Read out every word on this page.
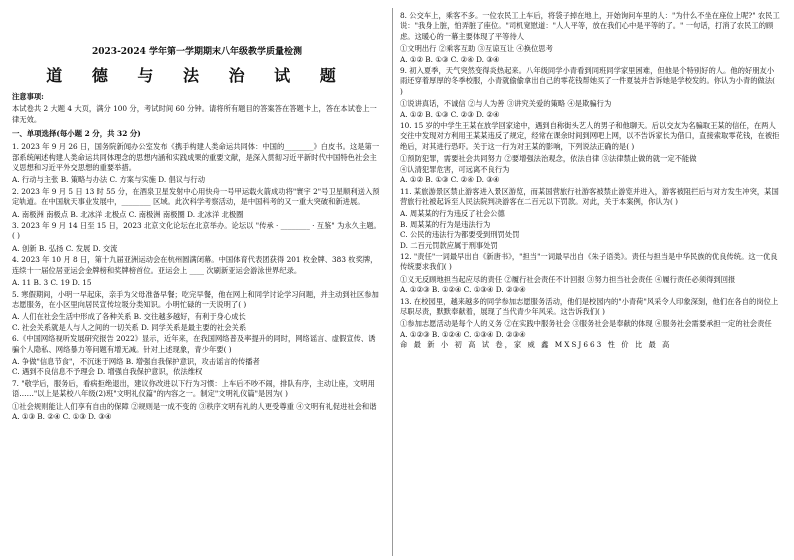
2023-2024 学年第一学期期末八年级教学质量检测
道 德 与 法 治 试 题

注意事项:

本试卷共 2 大题 4 大页，满分 100 分，考试时间 60 分钟。请将所有题目的答案答在答题卡上，答在本试卷上一律无效。

一、单项选择(每小题 2 分，共 32 分)

1. 2023 年 9 月 26 日，国务院新闻办公室发布《携手构建人类命运共同体：中国的________》白皮书。这是第一部系统阐述构建人类命运共同体理念的思想内涵和实践成果的重要文献，是深入贯彻习近平新时代中国特色社会主义思想和习近平外交思想的重要举措。

A. 行动与主张 B. 策略与办法 C. 方案与实施 D. 倡议与行动

2. 2023 年 9 月 5 日 13 时 55 分，在酒泉卫星发射中心用快舟一号甲运载火箭成功将"寰宇 2"号卫星顺利送入预定轨道。在中国航天事业发展中，________ 区域。此次科学考察活动，是中国科考的又一重大突破和新进展。

A. 南极洲 南极点 B. 北冰洋 北极点 C. 南极洲 南极圈 D. 北冰洋 北极圈

3. 2023 年 9 月 14 日至 15 日，2023 北京文化论坛在北京举办。论坛以 "传承 · ________ · 互鉴" 为永久主题。( )

A. 创新 B. 弘扬 C. 发展 D. 交流

4. 2023 年 10 月 8 日，第十九届亚洲运动会在杭州圆满闭幕。中国体育代表团获得 201 枚金牌、383 枚奖牌，连续十一届位居亚运会金牌榜和奖牌榜首位。亚运会上 ____ 次刷新亚运会游泳世界纪录。

A. 11 B. 3 C. 19 D. 15

5. 寒假期间，小明一早起床，亲手为父母准备早餐；吃完早餐，他在网上和同学讨论学习问题，并主动到社区参加志愿服务，在小区里向居民宣传垃圾分类知识。小明忙碌的一天说明了( )

A. 人们在社会生活中形成了各种关系 B. 交往越多越好，有利于身心成长

C. 社会关系就是人与人之间的一切关系 D. 同学关系是最主要的社会关系

6.《中国网络视听发展研究报告 2022》显示，近年来，在我国网络普及率提升的同时，网络谣言、虚假宣传、诱骗个人隐私、网络暴力等问题有增无减。针对上述现象，青少年要( )

A. 争做"信息节食"，不沉迷于网络 B. 增强自我保护意识，攻击谣言的传播者

C. 遇到不良信息不予理会 D. 增强自我保护意识，依法维权

7. "敬学后，服务后，看病拒绝退出，建议你改进以下行为习惯：上车后不吵不闹，排队有序，主动让座，文明用语……"以上是某校八年级(2)班"文明礼仪篇"的内容之一。制定"文明礼仪篇"是因为( )

①社会规则能让人们享有自由的保障 ②规则是一成不变的 ③秩序文明有礼的人更受尊重 ④文明有礼促进社会和谐

A. ①③ B. ②④ C. ①③ D. ③④

8. 公交车上，乘客不多。一位农民工上车后，将袋子掉在地上，开始询问车里的人："为什么不坐在座位上呢?" 农民工说："我身上脏，怕弄脏了座位。"司机宽慰道："人人平等，放在我们心中是平等的了。" 一句话，打消了农民工的顾虑。这暖心的一幕主要体现了平等待人

①文明出行 ②乘客互助 ③互谅互让 ④换位思考

A. ①② B. ①③ C. ②④ D. ③④

9. 初入夏季，天气突然变得炎热起来。八年级同学小青看到同班同学家里困难，但他是个特别好的人。他的好朋友小雨还穿着厚厚的冬季校服，小青就偷偷拿出自己的零花钱帮她买了一件夏装并告诉她是学校发的。你认为小青的做法( )

①说讲真话，不诚信 ②与人为善 ③讲究关爱的策略 ④是欺骗行为

A. ①② B. ①③ C. ②③ D. ②④

10. 15 岁的中学生王某在放学回家途中，遇到自称街头艺人的男子和他聊天。后以交友为名骗取王某的信任，在两人交往中发现对方利用王某某违反了规定，经常在课余时间到网吧上网，以不告诉家长为借口，直接索取零花钱，在被拒绝后，对其进行恐吓。关于这一行为对王某的影响，下列说法正确的是( )

①预防犯罪，需要社会共同努力 ②要增强法治观念，依法自律 ③法律禁止做的就一定不能做

④认清犯罪危害，可远离不良行为

A. ①② B. ①③ C. ②④ D. ③④

11. 某旅游景区禁止游客进入景区游览，而某国营旅行社游客被禁止游览并进入，游客被阻拦后与对方发生冲突，某国营旅行社被起诉至人民法院判决游客在二百元以下罚款。对此，关于本案例，你认为( )

A. 周某某的行为违反了社会公德

B. 周某某的行为是违法行为

C. 公民的违法行为都要受到刑罚处罚

D. 二百元罚款应属于刑事处罚

12. "责任"一词最早出自《新唐书》，"担当"一词最早出自《朱子语类》。责任与担当是中华民族的优良传统。这一优良传统要求我们( )

①义无反顾地担当起应尽的责任 ②履行社会责任不计回报 ③努力担当社会责任 ④履行责任必须得到回报

A. ①②③ B. ①②④ C. ①③④ D. ②③④

13. 在校园里，越来越多的同学参加志愿服务活动，他们是校园内的"小青荷"风采令人印象深刻，他们在各自的岗位上尽职尽责，默默奉献着，展现了当代青少年风采。这告诉我们( )

①参加志愿活动是每个人的义务 ②在实践中服务社会 ③服务社会是奉献的体现 ④服务社会需要承担一定的社会责任

A. ①②③ B. ①②④ C. ①③④ D. ②③④

命 最 新 小 初 高 试 卷，家 威 鑫 MXSJ663 性 价 比 最 高
